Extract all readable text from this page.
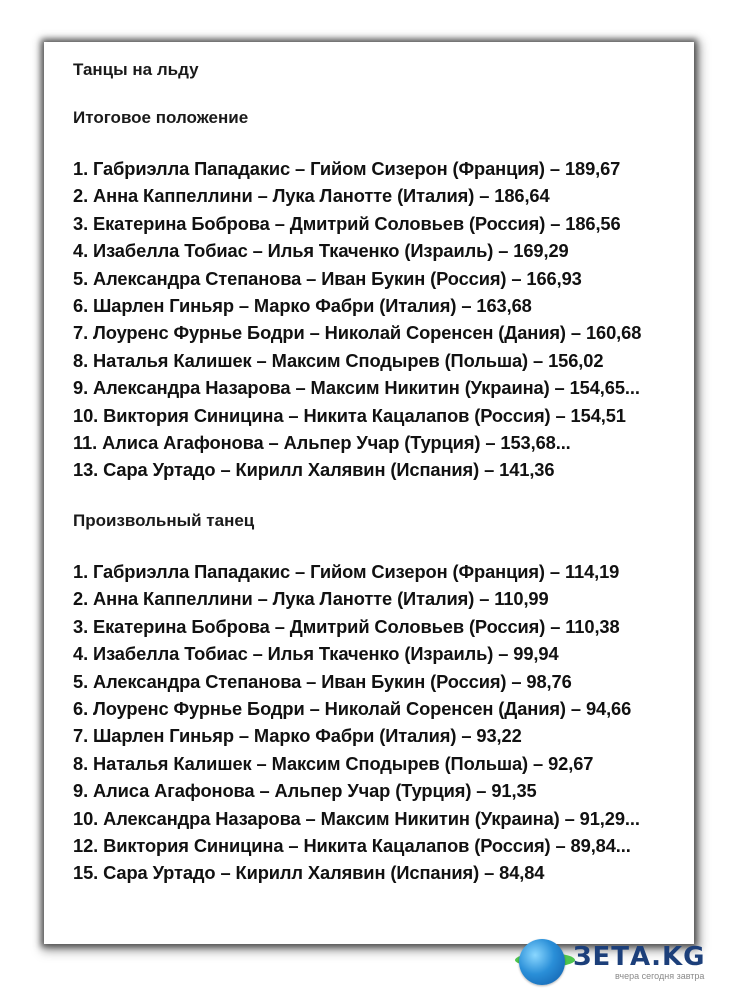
Танцы на льду

Итоговое положение

1. Габриэлла Пападакис – Гийом Сизерон (Франция) – 189,67
2. Анна Каппеллини – Лука Ланотте (Италия) – 186,64
3. Екатерина Боброва – Дмитрий Соловьев (Россия) – 186,56
4. Изабелла Тобиас – Илья Ткаченко (Израиль) – 169,29
5. Александра Степанова – Иван Букин (Россия) – 166,93
6. Шарлен Гиньяр – Марко Фабри (Италия) – 163,68
7. Лоуренс Фурнье Бодри – Николай Соренсен (Дания) – 160,68
8. Наталья Калишек – Максим Сподырев (Польша) – 156,02
9. Александра Назарова – Максим Никитин (Украина) – 154,65...
10. Виктория Синицина – Никита Кацалапов (Россия) – 154,51
11. Алиса Агафонова – Альпер Учар (Турция) – 153,68...
13. Сара Уртадо – Кирилл Халявин (Испания) – 141,36

Произвольный танец

1. Габриэлла Пападакис – Гийом Сизерон (Франция) – 114,19
2. Анна Каппеллини – Лука Ланотте (Италия) – 110,99
3. Екатерина Боброва – Дмитрий Соловьев (Россия) – 110,38
4. Изабелла Тобиас – Илья Ткаченко (Израиль) – 99,94
5. Александра Степанова – Иван Букин (Россия) – 98,76
6. Лоуренс Фурнье Бодри – Николай Соренсен (Дания) – 94,66
7. Шарлен Гиньяр – Марко Фабри (Италия) – 93,22
8. Наталья Калишек – Максим Сподырев (Польша) – 92,67
9. Алиса Агафонова – Альпер Учар (Турция) – 91,35
10. Александра Назарова – Максим Никитин (Украина) – 91,29...
12. Виктория Синицина – Никита Кацалапов (Россия) – 89,84...
15. Сара Уртадо – Кирилл Халявин (Испания) – 84,84
ЗЕТА.KG
вчера сегодня завтра
